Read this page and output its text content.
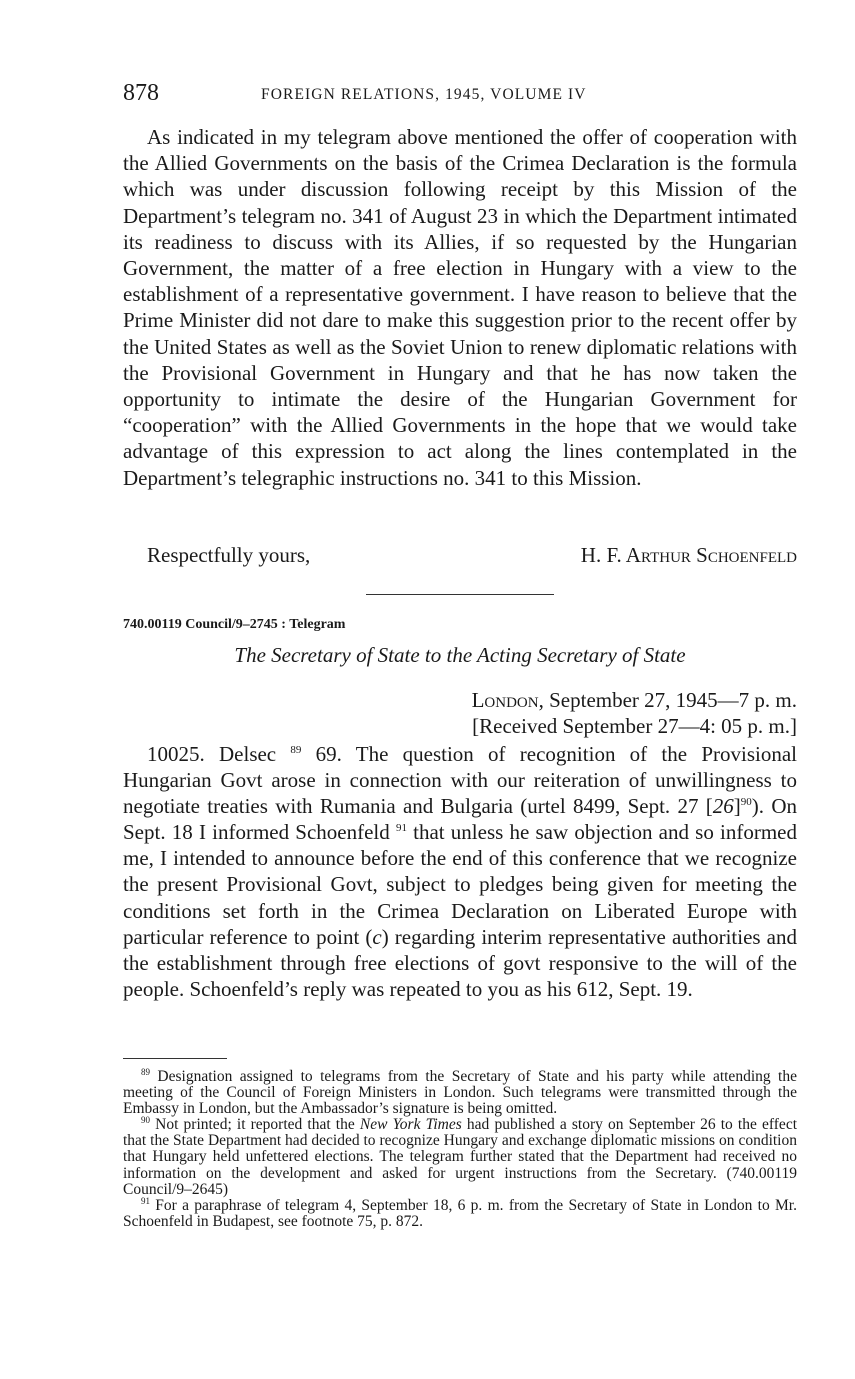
878	FOREIGN RELATIONS, 1945, VOLUME IV

As indicated in my telegram above mentioned the offer of cooperation with the Allied Governments on the basis of the Crimea Declaration is the formula which was under discussion following receipt by this Mission of the Department’s telegram no. 341 of August 23 in which the Department intimated its readiness to discuss with its Allies, if so requested by the Hungarian Government, the matter of a free election in Hungary with a view to the establishment of a representative government. I have reason to believe that the Prime Minister did not dare to make this suggestion prior to the recent offer by the United States as well as the Soviet Union to renew diplomatic relations with the Provisional Government in Hungary and that he has now taken the opportunity to intimate the desire of the Hungarian Government for “cooperation” with the Allied Governments in the hope that we would take advantage of this expression to act along the lines contemplated in the Department’s telegraphic instructions no. 341 to this Mission.

Respectfully yours,	H. F. Arthur Schoenfeld
740.00119 Council/9–2745 : Telegram
The Secretary of State to the Acting Secretary of State
London, September 27, 1945—7 p. m.
[Received September 27—4: 05 p. m.]

10025. Delsec $^{89}$ 69. The question of recognition of the Provisional Hungarian Govt arose in connection with our reiteration of unwillingness to negotiate treaties with Rumania and Bulgaria (urtel 8499, Sept. 27 $[26]^{90}$). On Sept. 18 I informed Schoenfeld $^{91}$ that unless he saw objection and so informed me, I intended to announce before the end of this conference that we recognize the present Provisional Govt, subject to pledges being given for meeting the conditions set forth in the Crimea Declaration on Liberated Europe with particular reference to point (c) regarding interim representative authorities and the establishment through free elections of govt responsive to the will of the people. Schoenfeld’s reply was repeated to you as his 612, Sept. 19.

$^{89}$ Designation assigned to telegrams from the Secretary of State and his party while attending the meeting of the Council of Foreign Ministers in London. Such telegrams were transmitted through the Embassy in London, but the Ambassador’s signature is being omitted.

$^{90}$ Not printed; it reported that the New York Times had published a story on September 26 to the effect that the State Department had decided to recognize Hungary and exchange diplomatic missions on condition that Hungary held unfettered elections. The telegram further stated that the Department had received no information on the development and asked for urgent instructions from the Secretary. (740.00119 Council/9–2645)

$^{91}$ For a paraphrase of telegram 4, September 18, 6 p. m. from the Secretary of State in London to Mr. Schoenfeld in Budapest, see footnote 75, p. 872.
